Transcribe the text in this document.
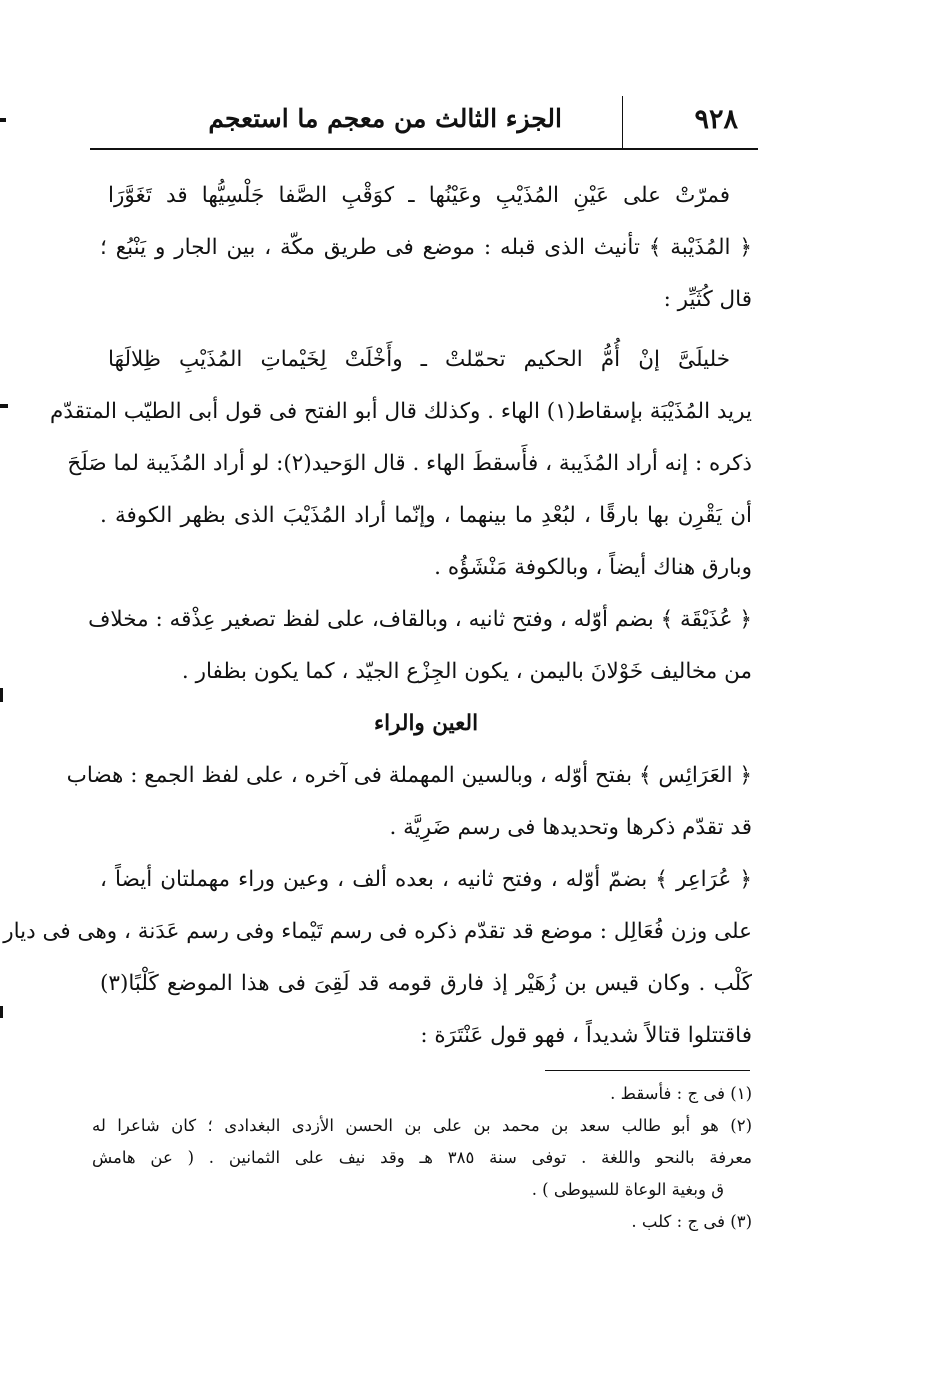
٩٢٨
الجزء الثالث من معجم ما استعجم
فمرّتْ على عَيْنِ المُذَيْبِ وعَيْنُها ـ كوَقْبِ الصَّفا جَلْسِيُّها قد تَغَوَّرَا
﴿ المُذَيْبة ﴾ تأنيث الذى قبله : موضع فى طريق مكّة ، بين الجار و يَنْبُع ؛
قال كُثَيِّر :
خليلَىَّ إنْ أُمُّ الحكيم تحمّلتْ ـ وأَخْلَتْ لِخَيْماتِ المُذَيْبِ ظِلالَهَا
يريد المُذَيْبَة بإسقاط(١) الهاء . وكذلك قال أبو الفتح فى قول أبى الطيّب المتقدّم
ذكره : إنه أراد المُذَيبة ، فأَسقطَ الهاء . قال الوَحيد(٢): لو أراد المُذَيبة لما صَلَحَ
أن يَقْرِن بها بارقًا ، لبُعْدِ ما بينهما ، وإنّما أراد المُذَيْبَ الذى بظهر الكوفة .
وبارق هناك أيضاً ، وبالكوفة مَنْشَؤُه .
﴿ عُذَيْقَة ﴾ بضم أوّله ، وفتح ثانيه ، وبالقاف، على لفظ تصغير عِذْقه : مخلاف
من مخاليف خَوْلانَ باليمن ، يكون الجِزْع الجيّد ، كما يكون بظفار .
العين والراء
﴿ العَرَائِس ﴾ بفتح أوّله ، وبالسين المهملة فى آخره ، على لفظ الجمع : هضاب
قد تقدّم ذكرها وتحديدها فى رسم ضَرِيَّة .
﴿ عُرَاعِر ﴾ بضمّ أوّله ، وفتح ثانيه ، بعده ألف ، وعين وراء مهملتان أيضاً ،
على وزن فُعَالِل : موضع قد تقدّم ذكره فى رسم تَيْماء وفى رسم عَدَنة ، وهى فى ديار
كَلْب . وكان قيس بن زُهَيْر إذ فارق قومه قد لَقِىَ فى هذا الموضع كَلْبًا(٣)
فاقتتلوا قتالاً شديداً ، فهو قول عَنْتَرَة :
(١) فى ج : فأسقط .
(٢) هو أبو طالب سعد بن محمد بن على بن الحسن الأزدى البغدادى ؛ كان شاعرا له
معرفة بالنحو واللغة . توفى سنة ٣٨٥ هـ وقد نيف على الثمانين . ( عن هامش
ق وبغية الوعاة للسيوطى ) .
(٣) فى ج : كلب .
